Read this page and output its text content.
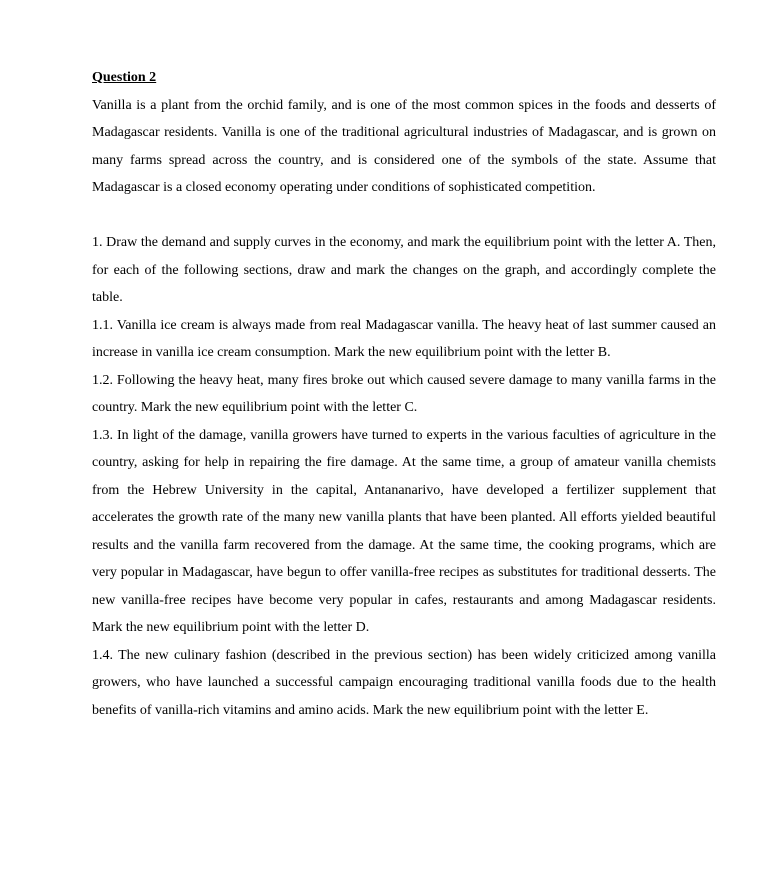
Question 2

Vanilla is a plant from the orchid family, and is one of the most common spices in the foods and desserts of Madagascar residents. Vanilla is one of the traditional agricultural industries of Madagascar, and is grown on many farms spread across the country, and is considered one of the symbols of the state. Assume that Madagascar is a closed economy operating under conditions of sophisticated competition.

1. Draw the demand and supply curves in the economy, and mark the equilibrium point with the letter A. Then, for each of the following sections, draw and mark the changes on the graph, and accordingly complete the table.

1.1. Vanilla ice cream is always made from real Madagascar vanilla. The heavy heat of last summer caused an increase in vanilla ice cream consumption. Mark the new equilibrium point with the letter B.

1.2. Following the heavy heat, many fires broke out which caused severe damage to many vanilla farms in the country. Mark the new equilibrium point with the letter C.

1.3. In light of the damage, vanilla growers have turned to experts in the various faculties of agriculture in the country, asking for help in repairing the fire damage. At the same time, a group of amateur vanilla chemists from the Hebrew University in the capital, Antananarivo, have developed a fertilizer supplement that accelerates the growth rate of the many new vanilla plants that have been planted. All efforts yielded beautiful results and the vanilla farm recovered from the damage. At the same time, the cooking programs, which are very popular in Madagascar, have begun to offer vanilla-free recipes as substitutes for traditional desserts. The new vanilla-free recipes have become very popular in cafes, restaurants and among Madagascar residents. Mark the new equilibrium point with the letter D.

1.4. The new culinary fashion (described in the previous section) has been widely criticized among vanilla growers, who have launched a successful campaign encouraging traditional vanilla foods due to the health benefits of vanilla-rich vitamins and amino acids. Mark the new equilibrium point with the letter E.
